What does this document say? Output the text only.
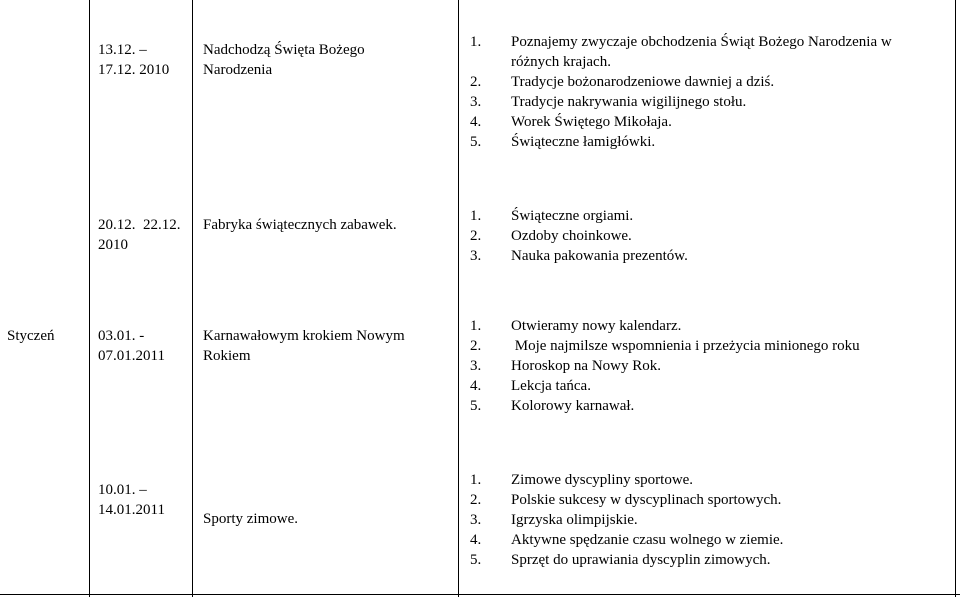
13.12. –
17.12. 2010
Nadchodzą Święta Bożego
Narodzenia
1. Poznajemy zwyczaje obchodzenia Świąt Bożego Narodzenia w
różnych krajach.
2. Tradycje bożonarodzeniowe dawniej a dziś.
3. Tradycje nakrywania wigilijnego stołu.
4. Worek Świętego Mikołaja.
5. Świąteczne łamigłówki.
20.12.  22.12.
2010
Fabryka świątecznych zabawek.
1. Świąteczne orgiami.
2. Ozdoby choinkowe.
3. Nauka pakowania prezentów.
Styczeń	03.01. -
07.01.2011
Karnawałowym krokiem Nowym
Rokiem
1. Otwieramy nowy kalendarz.
2. Moje najmilsze wspomnienia i przeżycia minionego roku
3. Horoskop na Nowy Rok.
4. Lekcja tańca.
5. Kolorowy karnawał.
10.01. –
14.01.2011
Sporty zimowe.
1. Zimowe dyscypliny sportowe.
2. Polskie sukcesy w dyscyplinach sportowych.
3. Igrzyska olimpijskie.
4. Aktywne spędzanie czasu wolnego w ziemie.
5. Sprzęt do uprawiania dyscyplin zimowych.
